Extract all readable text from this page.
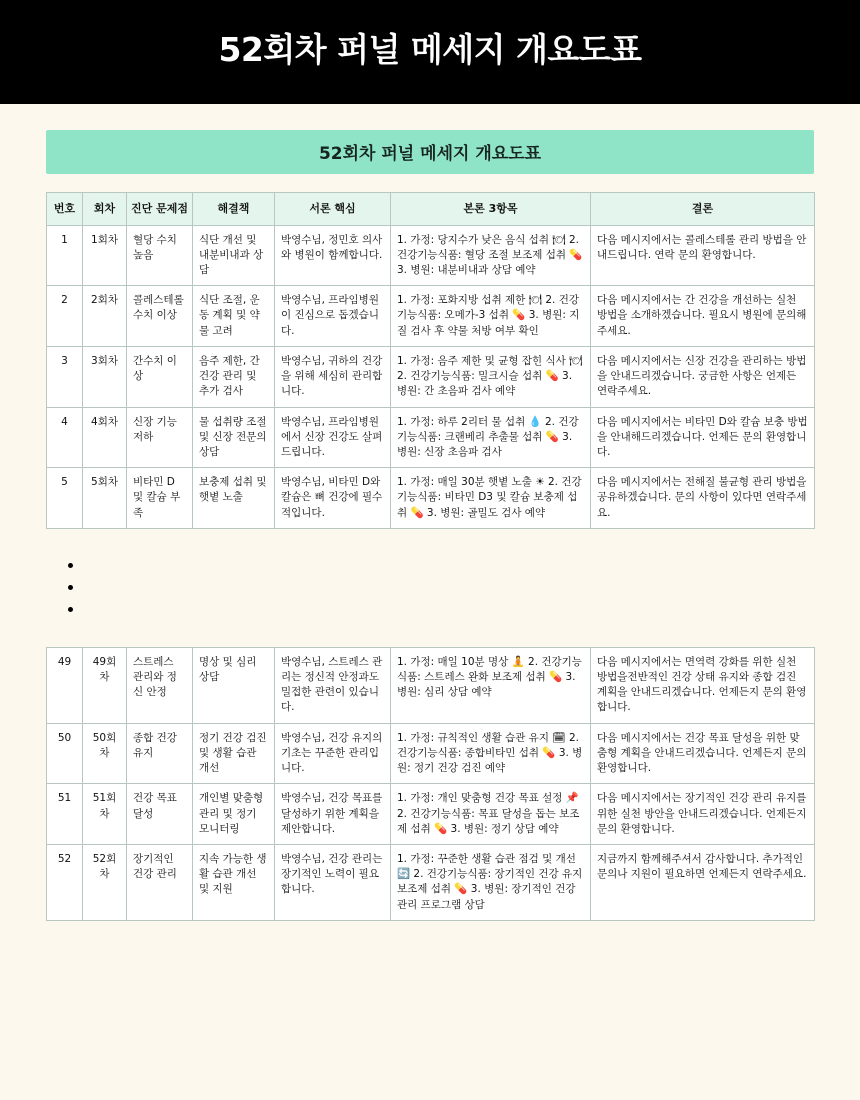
52회차 퍼널 메세지 개요도표
52회차 퍼널 메세지 개요도표
번호	회차	진단 문제점	해결책	서론 핵심	본론 3항목	결론
1	1회차	혈당 수치 높음	식단 개선 및 내분비내과 상담	박영수님, 정민호 의사와 병원이 함께합니다.	1. 가정: 당지수가 낮은 음식 섭취 🍽 2. 건강기능식품: 혈당 조절 보조제 섭취 💊 3. 병원: 내분비내과 상담 예약	다음 메시지에서는 콜레스테롤 관리 방법을 안내드립니다. 연락 문의 환영합니다.
2	2회차	콜레스테롤 수치 이상	식단 조절, 운동 계획 및 약물 고려	박영수님, 프라임병원이 진심으로 돕겠습니다.	1. 가정: 포화지방 섭취 제한 🍽 2. 건강기능식품: 오메가-3 섭취 💊 3. 병원: 지질 검사 후 약물 처방 여부 확인	다음 메시지에서는 간 건강을 개선하는 실천 방법을 소개하겠습니다. 필요시 병원에 문의해주세요.
3	3회차	간수치 이상	음주 제한, 간 건강 관리 및 추가 검사	박영수님, 귀하의 건강을 위해 세심히 관리합니다.	1. 가정: 음주 제한 및 균형 잡힌 식사 🍽 2. 건강기능식품: 밀크시슬 섭취 💊 3. 병원: 간 초음파 검사 예약	다음 메시지에서는 신장 건강을 관리하는 방법을 안내드리겠습니다. 궁금한 사항은 언제든 연락주세요.
4	4회차	신장 기능 저하	물 섭취량 조절 및 신장 전문의 상담	박영수님, 프라임병원에서 신장 건강도 살펴드립니다.	1. 가정: 하루 2리터 물 섭취 💧 2. 건강기능식품: 크랜베리 추출물 섭취 💊 3. 병원: 신장 초음파 검사	다음 메시지에서는 비타민 D와 칼슘 보충 방법을 안내해드리겠습니다. 언제든 문의 환영합니다.
5	5회차	비타민 D 및 칼슘 부족	보충제 섭취 및 햇볕 노출	박영수님, 비타민 D와 칼슘은 뼈 건강에 필수적입니다.	1. 가정: 매일 30분 햇볕 노출 ☀ 2. 건강기능식품: 비타민 D3 및 칼슘 보충제 섭취 💊 3. 병원: 골밀도 검사 예약	다음 메시지에서는 전해질 불균형 관리 방법을 공유하겠습니다. 문의 사항이 있다면 연락주세요.
49	49회차	스트레스 관리와 정신 안정	명상 및 심리 상담	박영수님, 스트레스 관리는 정신적 안정과도 밀접한 관련이 있습니다.	1. 가정: 매일 10분 명상 🧘 2. 건강기능식품: 스트레스 완화 보조제 섭취 💊 3. 병원: 심리 상담 예약	다음 메시지에서는 면역력 강화를 위한 실천 방법을전반적인 건강 상태 유지와 종합 검진 계획을 안내드리겠습니다. 언제든지 문의 환영합니다.
50	50회차	종합 건강 유지	정기 건강 검진 및 생활 습관 개선	박영수님, 건강 유지의 기초는 꾸준한 관리입니다.	1. 가정: 규칙적인 생활 습관 유지 🗓 2. 건강기능식품: 종합비타민 섭취 💊 3. 병원: 정기 건강 검진 예약	다음 메시지에서는 건강 목표 달성을 위한 맞춤형 계획을 안내드리겠습니다. 언제든지 문의 환영합니다.
51	51회차	건강 목표 달성	개인별 맞춤형 관리 및 정기 모니터링	박영수님, 건강 목표를 달성하기 위한 계획을 제안합니다.	1. 가정: 개인 맞춤형 건강 목표 설정 📌 2. 건강기능식품: 목표 달성을 돕는 보조제 섭취 💊 3. 병원: 정기 상담 예약	다음 메시지에서는 장기적인 건강 관리 유지를 위한 실천 방안을 안내드리겠습니다. 언제든지 문의 환영합니다.
52	52회차	장기적인 건강 관리	지속 가능한 생활 습관 개선 및 지원	박영수님, 건강 관리는 장기적인 노력이 필요합니다.	1. 가정: 꾸준한 생활 습관 점검 및 개선 🔄 2. 건강기능식품: 장기적인 건강 유지 보조제 섭취 💊 3. 병원: 장기적인 건강 관리 프로그램 상담	지금까지 함께해주셔서 감사합니다. 추가적인 문의나 지원이 필요하면 언제든지 연락주세요.
